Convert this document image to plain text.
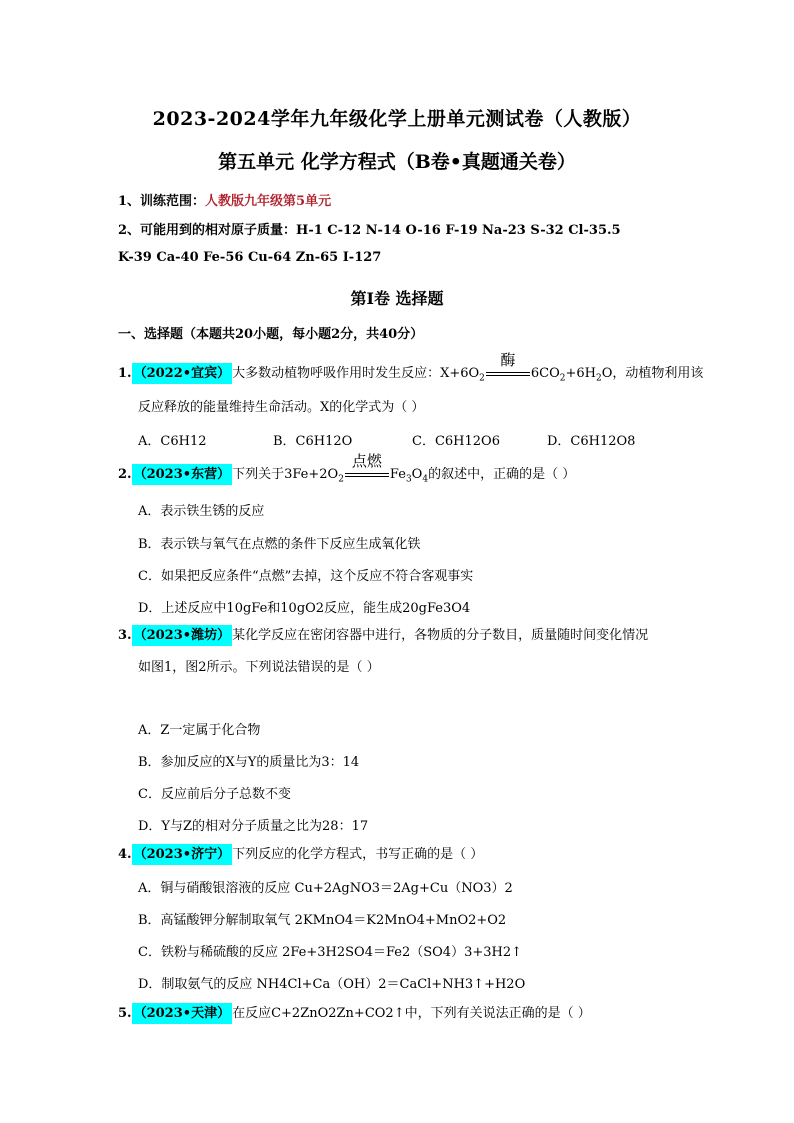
2023-2024学年九年级化学上册单元测试卷（人教版）
第五单元 化学方程式（B卷•真题通关卷）
1、训练范围：人教版九年级第5单元
2、可能用到的相对原子质量：H-1 C-12 N-14 O-16 F-19 Na-23 S-32 Cl-35.5
K-39 Ca-40 Fe-56 Cu-64 Zn-65 I-127
第Ⅰ卷 选择题
一、选择题（本题共20小题，每小题2分，共40分）
1. （2022•宜宾） 大多数动植物呼吸作用时发生反应：$X+6O_2$
酶
$6CO_2+6H_2O$，动植物利用该
反应释放的能量维持生命活动。X的化学式为（ ）
A．C6H12	B．C6H12O	C．C6H12O6	D．C6H12O8
2. （2023•东营） 下列关于$3Fe+2O_2$
点燃
$Fe_3O_4$的叙述中，正确的是（ ）
A．表示铁生锈的反应
B．表示铁与氧气在点燃的条件下反应生成氧化铁
C．如果把反应条件“点燃”去掉，这个反应不符合客观事实
D．上述反应中10gFe和10gO2反应，能生成20gFe3O4
3. （2023•潍坊） 某化学反应在密闭容器中进行，各物质的分子数目，质量随时间变化情况
如图1，图2所示。下列说法错误的是（ ）
A．Z一定属于化合物
B．参加反应的X与Y的质量比为3：14
C．反应前后分子总数不变
D．Y与Z的相对分子质量之比为28：17
4. （2023•济宁） 下列反应的化学方程式，书写正确的是（ ）
A．铜与硝酸银溶液的反应 Cu+2AgNO3＝2Ag+Cu（NO3）2
B．高锰酸钾分解制取氧气 2KMnO4＝K2MnO4+MnO2+O2
C．铁粉与稀硫酸的反应 2Fe+3H2SO4＝Fe2（SO4）3+3H2↑
D．制取氨气的反应 NH4Cl+Ca（OH）2＝CaCl+NH3↑+H2O
5. （2023•天津） 在反应C+2ZnO2Zn+CO2↑中，下列有关说法正确的是（ ）
